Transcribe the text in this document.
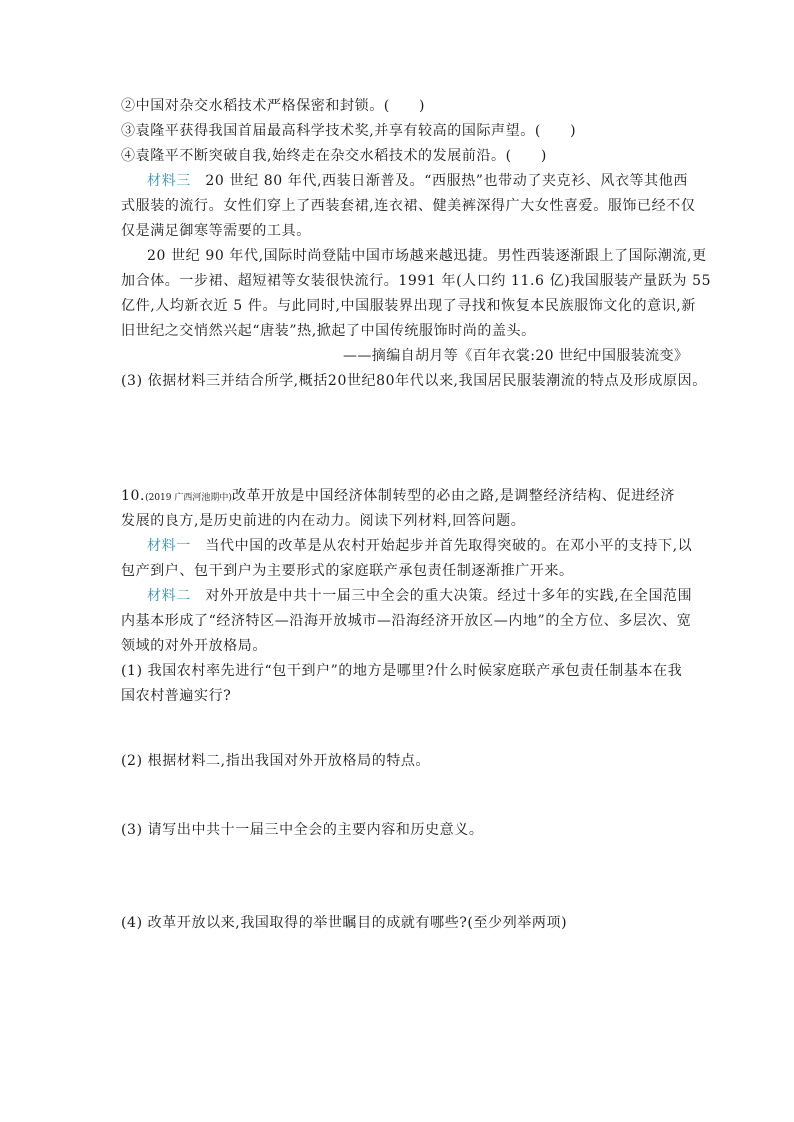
②中国对杂交水稻技术严格保密和封锁。(　　)
③袁隆平获得我国首届最高科学技术奖,并享有较高的国际声望。(　　)
④袁隆平不断突破自我,始终走在杂交水稻技术的发展前沿。(　　)
材料三　20 世纪 80 年代,西装日渐普及。“西服热”也带动了夹克衫、风衣等其他西
式服装的流行。女性们穿上了西装套裙,连衣裙、健美裤深得广大女性喜爱。服饰已经不仅
仅是满足御寒等需要的工具。
20 世纪 90 年代,国际时尚登陆中国市场越来越迅捷。男性西装逐渐跟上了国际潮流,更
加合体。一步裙、超短裙等女装很快流行。1991 年(人口约 11.6 亿)我国服装产量跃为 55
亿件,人均新衣近 5 件。与此同时,中国服装界出现了寻找和恢复本民族服饰文化的意识,新
旧世纪之交悄然兴起“唐装”热,掀起了中国传统服饰时尚的盖头。
——摘编自胡月等《百年衣裳:20 世纪中国服装流变》
(3) 依据材料三并结合所学,概括20世纪80年代以来,我国居民服装潮流的特点及形成原因。
10.(2019 广西河池期中)改革开放是中国经济体制转型的必由之路,是调整经济结构、促进经济
发展的良方,是历史前进的内在动力。阅读下列材料,回答问题。
材料一　当代中国的改革是从农村开始起步并首先取得突破的。在邓小平的支持下,以
包产到户、包干到户为主要形式的家庭联产承包责任制逐渐推广开来。
材料二　对外开放是中共十一届三中全会的重大决策。经过十多年的实践,在全国范围
内基本形成了“经济特区—沿海开放城市—沿海经济开放区—内地”的全方位、多层次、宽
领域的对外开放格局。
(1) 我国农村率先进行“包干到户”的地方是哪里?什么时候家庭联产承包责任制基本在我
国农村普遍实行?
(2) 根据材料二,指出我国对外开放格局的特点。
(3) 请写出中共十一届三中全会的主要内容和历史意义。
(4) 改革开放以来,我国取得的举世瞩目的成就有哪些?(至少列举两项)
